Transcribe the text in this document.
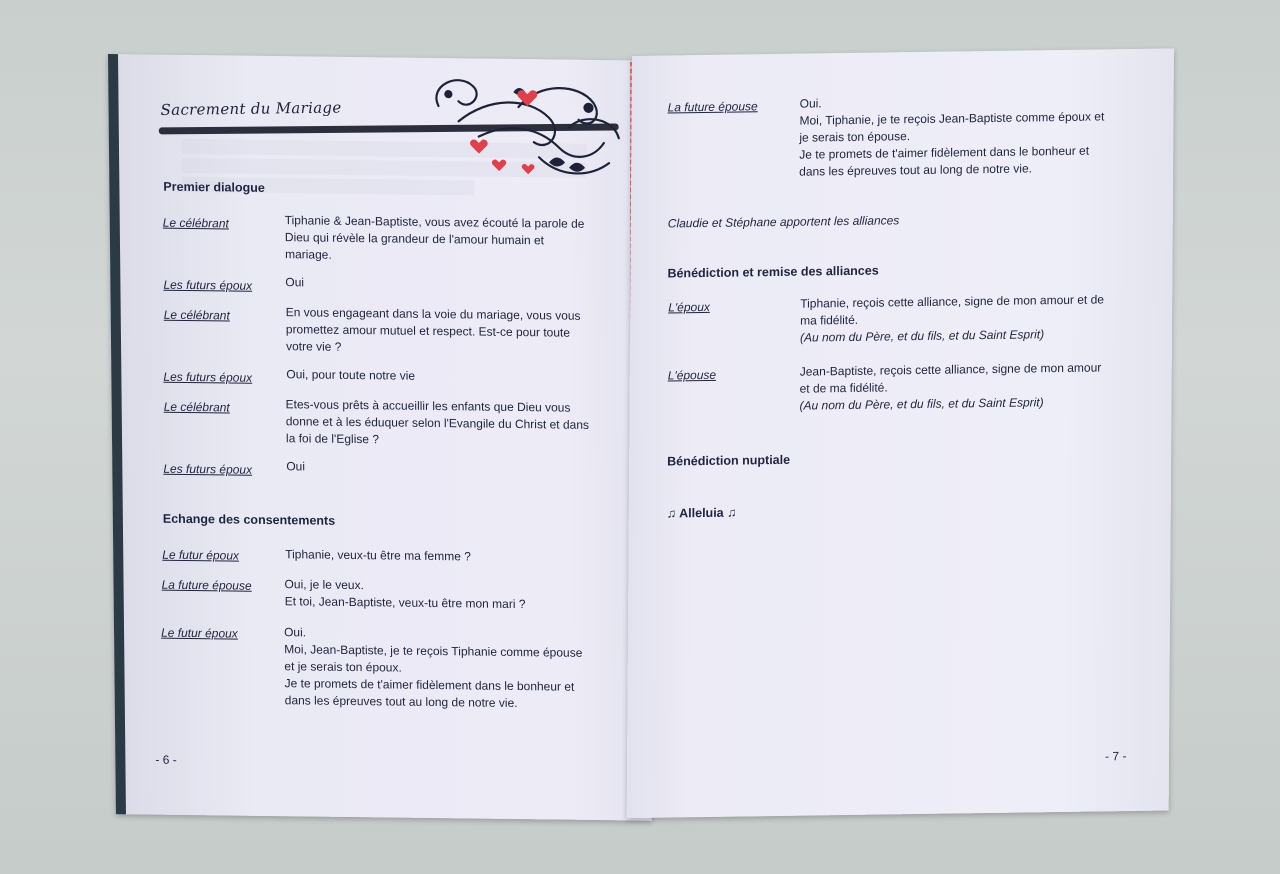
Sacrement du Mariage
Premier dialogue
Le célébrant	Tiphanie & Jean-Baptiste, vous avez écouté la parole de
Dieu qui révèle la grandeur de l'amour humain et
mariage.
Les futurs époux	Oui
Le célébrant	En vous engageant dans la voie du mariage, vous vous
promettez amour mutuel et respect. Est-ce pour toute
votre vie ?
Les futurs époux	Oui, pour toute notre vie
Le célébrant	Etes-vous prêts à accueillir les enfants que Dieu vous
donne et à les éduquer selon l'Evangile du Christ et dans
la foi de l'Eglise ?
Les futurs époux	Oui
Echange des consentements
Le futur époux	Tiphanie, veux-tu être ma femme ?
La future épouse	Oui, je le veux.
Et toi, Jean-Baptiste, veux-tu être mon mari ?
Le futur époux	Oui.
Moi, Jean-Baptiste, je te reçois Tiphanie comme épouse
et je serais ton époux.
Je te promets de t'aimer fidèlement dans le bonheur et
dans les épreuves tout au long de notre vie.
- 6 -
La future épouse	Oui.
Moi, Tiphanie, je te reçois Jean-Baptiste comme époux et
je serais ton épouse.
Je te promets de t'aimer fidèlement dans le bonheur et
dans les épreuves tout au long de notre vie.
Claudie et Stéphane apportent les alliances
Bénédiction et remise des alliances
L'époux	Tiphanie, reçois cette alliance, signe de mon amour et de
ma fidélité.
(Au nom du Père, et du fils, et du Saint Esprit)
L'épouse	Jean-Baptiste, reçois cette alliance, signe de mon amour
et de ma fidélité.
(Au nom du Père, et du fils, et du Saint Esprit)
Bénédiction nuptiale
♫ Alleluia ♫
- 7 -
